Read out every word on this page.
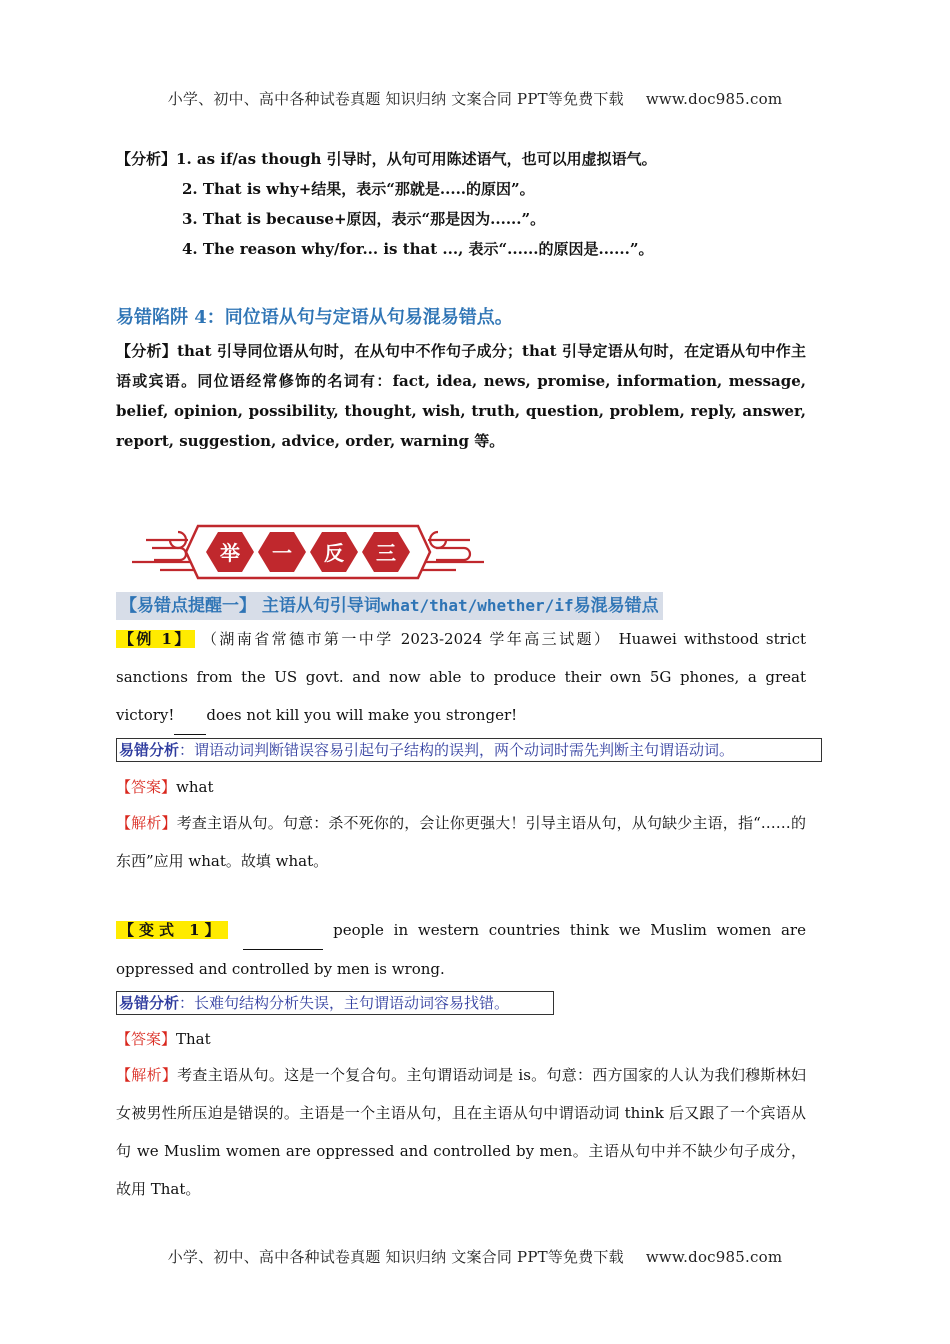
小学、初中、高中各种试卷真题 知识归纳 文案合同 PPT等免费下载 www.doc985.com
【分析】1. as if/as though 引导时，从句可用陈述语气，也可以用虚拟语气。
2. That is why+结果，表示“那就是.....的原因”。
3. That is because+原因，表示“那是因为......”。
4. The reason why/for... is that ..., 表示“......的原因是......”。
易错陷阱 4：同位语从句与定语从句易混易错点。
【分析】that 引导同位语从句时，在从句中不作句子成分；that 引导定语从句时，在定语从句中作主语或宾语。同位语经常修饰的名词有：fact, idea, news, promise, information, message, belief, opinion, possibility, thought, wish, truth, question, problem, reply, answer, report, suggestion, advice, order, warning 等。
举 一 反 三
【易错点提醒一】 主语从句引导词what/that/whether/if易混易错点
【例 1】 （湖南省常德市第一中学 2023-2024 学年高三试题） Huawei withstood strict sanctions from the US govt. and now able to produce their own 5G phones, a great victory! does not kill you will make you stronger!
易错分析：谓语动词判断错误容易引起句子结构的误判，两个动词时需先判断主句谓语动词。
【答案】what
【解析】考查主语从句。句意：杀不死你的，会让你更强大！引导主语从句，从句缺少主语，指“……的东西”应用 what。故填 what。
【变式 1】	people in western countries think we Muslim women are oppressed and controlled by men is wrong.
易错分析：长难句结构分析失误，主句谓语动词容易找错。
【答案】That
【解析】考查主语从句。这是一个复合句。主句谓语动词是 is。句意：西方国家的人认为我们穆斯林妇女被男性所压迫是错误的。主语是一个主语从句，且在主语从句中谓语动词 think 后又跟了一个宾语从句 we Muslim women are oppressed and controlled by men。主语从句中并不缺少句子成分，故用 That。
小学、初中、高中各种试卷真题 知识归纳 文案合同 PPT等免费下载 www.doc985.com
